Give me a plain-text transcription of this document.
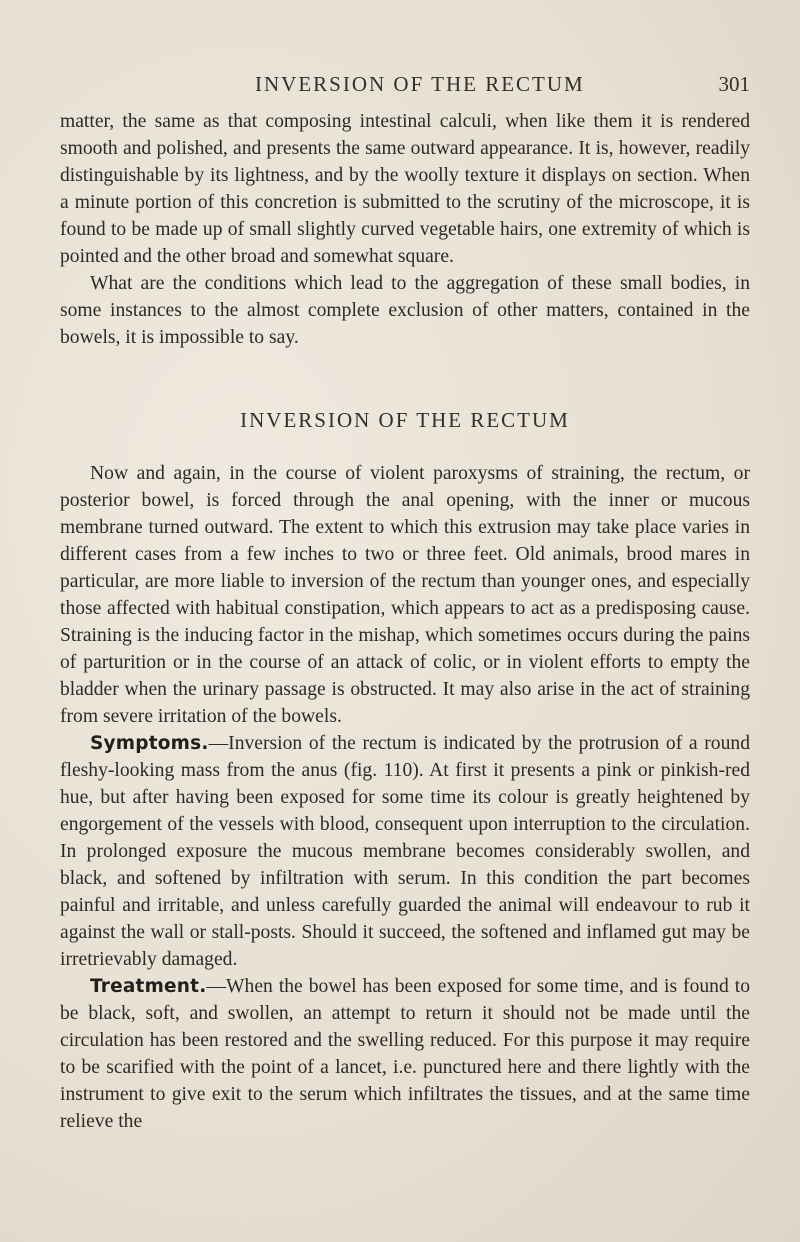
INVERSION OF THE RECTUM	301

matter, the same as that composing intestinal calculi, when like them it is rendered smooth and polished, and presents the same outward appearance. It is, however, readily distinguishable by its lightness, and by the woolly texture it displays on section. When a minute portion of this concretion is submitted to the scrutiny of the microscope, it is found to be made up of small slightly curved vegetable hairs, one extremity of which is pointed and the other broad and somewhat square.

What are the conditions which lead to the aggregation of these small bodies, in some instances to the almost complete exclusion of other matters, contained in the bowels, it is impossible to say.

INVERSION OF THE RECTUM

Now and again, in the course of violent paroxysms of straining, the rectum, or posterior bowel, is forced through the anal opening, with the inner or mucous membrane turned outward. The extent to which this extrusion may take place varies in different cases from a few inches to two or three feet. Old animals, brood mares in particular, are more liable to inversion of the rectum than younger ones, and especially those affected with habitual constipation, which appears to act as a predisposing cause. Straining is the inducing factor in the mishap, which sometimes occurs during the pains of parturition or in the course of an attack of colic, or in violent efforts to empty the bladder when the urinary passage is obstructed. It may also arise in the act of straining from severe irritation of the bowels.

Symptoms.—Inversion of the rectum is indicated by the protrusion of a round fleshy-looking mass from the anus (fig. 110). At first it presents a pink or pinkish-red hue, but after having been exposed for some time its colour is greatly heightened by engorgement of the vessels with blood, consequent upon interruption to the circulation. In prolonged exposure the mucous membrane becomes considerably swollen, and black, and softened by infiltration with serum. In this condition the part becomes painful and irritable, and unless carefully guarded the animal will endeavour to rub it against the wall or stall-posts. Should it succeed, the softened and inflamed gut may be irretrievably damaged.

Treatment.—When the bowel has been exposed for some time, and is found to be black, soft, and swollen, an attempt to return it should not be made until the circulation has been restored and the swelling reduced. For this purpose it may require to be scarified with the point of a lancet, i.e. punctured here and there lightly with the instrument to give exit to the serum which infiltrates the tissues, and at the same time relieve the
